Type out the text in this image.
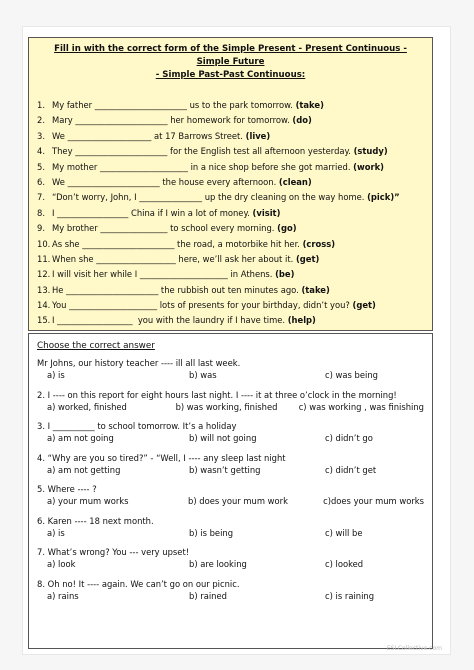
Fill in with the correct form of the Simple Present - Present Continuous - Simple Future
- Simple Past-Past Continuous:

1. My father ______________________ us to the park tomorrow. (take)
2. Mary ______________________ her homework for tomorrow. (do)
3. We ____________________ at 17 Barrows Street. (live)
4. They ______________________ for the English test all afternoon yesterday. (study)
5. My mother _____________________ in a nice shop before she got married. (work)
6. We ______________________ the house every afternoon. (clean)
7. “Don’t worry, John, I _______________ up the dry cleaning on the way home. (pick)”
8. I _________________ China if I win a lot of money. (visit)
9. My brother ________________ to school every morning. (go)
10. As she ______________________ the road, a motorbike hit her. (cross)
11. When she ___________________ here, we’ll ask her about it. (get)
12. I will visit her while I _____________________ in Athens. (be)
13. He ______________________ the rubbish out ten minutes ago. (take)
14. You _____________________ lots of presents for your birthday, didn’t you? (get)
15. I __________________ you with the laundry if I have time. (help)

Choose the correct answer

Mr Johns, our history teacher ---- ill all last week.
a) is	b) was	c) was being
2. I ---- on this report for eight hours last night. I ---- it at three o’clock in the morning!
a) worked, finished	b) was working, finished	c) was working , was finishing
3. I __________ to school tomorrow. It’s a holiday
a) am not going	b) will not going	c) didn’t go
4. “Why are you so tired?” - “Well, I ---- any sleep last night
a) am not getting	b) wasn’t getting	c) didn’t get
5. Where ---- ?
a) your mum works	b) does your mum work	c)does your mum works
6. Karen ---- 18 next month.
a) is	b) is being	c) will be
7. What’s wrong? You --- very upset!
a) look	b) are looking	c) looked
8. Oh no! It ---- again. We can’t go on our picnic.
a) rains	b) rained	c) is raining
ESLCollective.com
